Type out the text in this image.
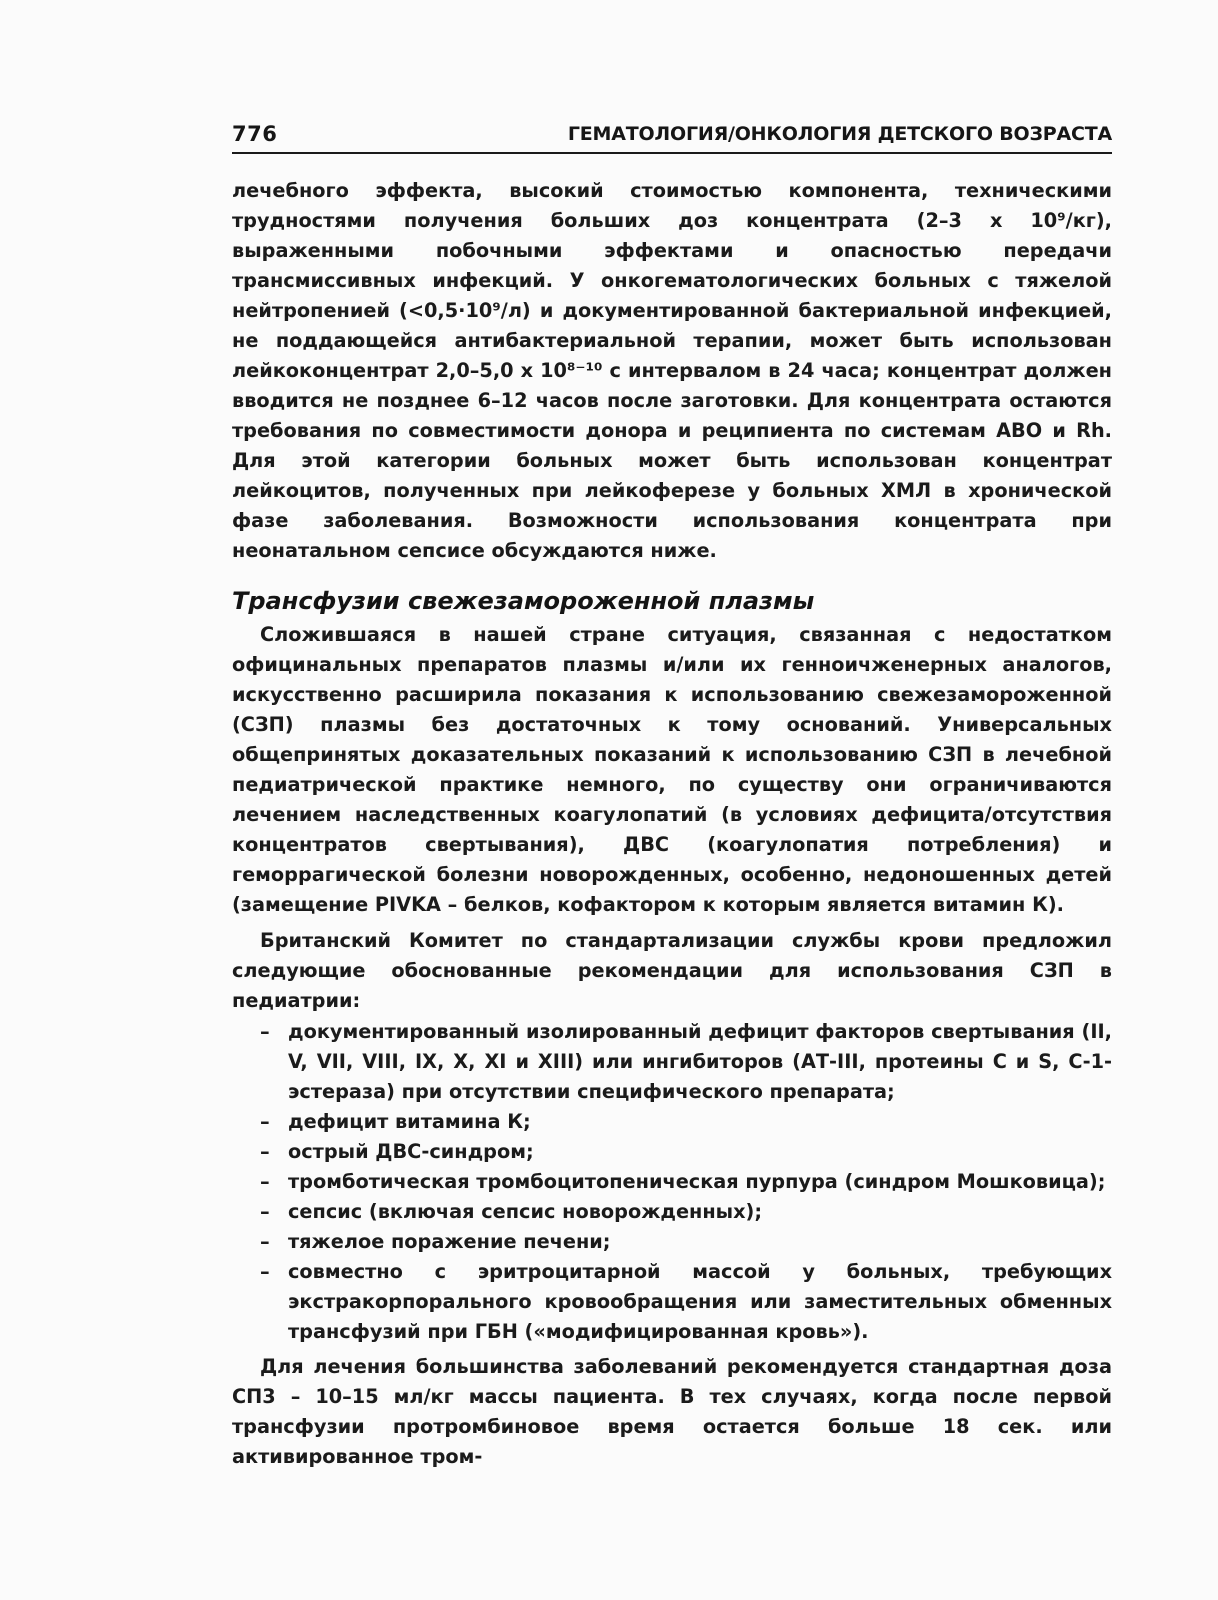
776	ГЕМАТОЛОГИЯ/ОНКОЛОГИЯ ДЕТСКОГО ВОЗРАСТА

лечебного эффекта, высокий стоимостью компонента, техническими трудностями получения больших доз концентрата (2–3 x 10⁹/кг), выраженными побочными эффектами и опасностью передачи трансмиссивных инфекций. У онкогематологических больных с тяжелой нейтропенией (<0,5·10⁹/л) и документированной бактериальной инфекцией, не поддающейся антибактериальной терапии, может быть использован лейкоконцентрат 2,0–5,0 x 10⁸⁻¹⁰ с интервалом в 24 часа; концентрат должен вводится не позднее 6–12 часов после заготовки. Для концентрата остаются требования по совместимости донора и реципиента по системам АВО и Rh. Для этой категории больных может быть использован концентрат лейкоцитов, полученных при лейкоферезе у больных ХМЛ в хронической фазе заболевания. Возможности использования концентрата при неонатальном сепсисе обсуждаются ниже.

Трансфузии свежезамороженной плазмы

Сложившаяся в нашей стране ситуация, связанная с недостатком официнальных препаратов плазмы и/или их генноичженерных аналогов, искусственно расширила показания к использованию свежезамороженной (СЗП) плазмы без достаточных к тому оснований. Универсальных общепринятых доказательных показаний к использованию СЗП в лечебной педиатрической практике немного, по существу они ограничиваются лечением наследственных коагулопатий (в условиях дефицита/отсутствия концентратов свертывания), ДВС (коагулопатия потребления) и геморрагической болезни новорожденных, особенно, недоношенных детей (замещение PIVKA – белков, кофактором к которым является витамин К).

Британский Комитет по стандартализации службы крови предложил следующие обоснованные рекомендации для использования СЗП в педиатрии:

– документированный изолированный дефицит факторов свертывания (II, V, VII, VIII, IX, X, XI и XIII) или ингибиторов (АТ-III, протеины С и S, С-1-эстераза) при отсутствии специфического препарата;
– дефицит витамина К;
– острый ДВС-синдром;
– тромботическая тромбоцитопеническая пурпура (синдром Мошковица);
– сепсис (включая сепсис новорожденных);
– тяжелое поражение печени;
– совместно с эритроцитарной массой у больных, требующих экстракорпорального кровообращения или заместительных обменных трансфузий при ГБН («модифицированная кровь»).

Для лечения большинства заболеваний рекомендуется стандартная доза СП3 – 10–15 мл/кг массы пациента. В тех случаях, когда после первой трансфузии протромбиновое время остается больше 18 сек. или активированное тром-
